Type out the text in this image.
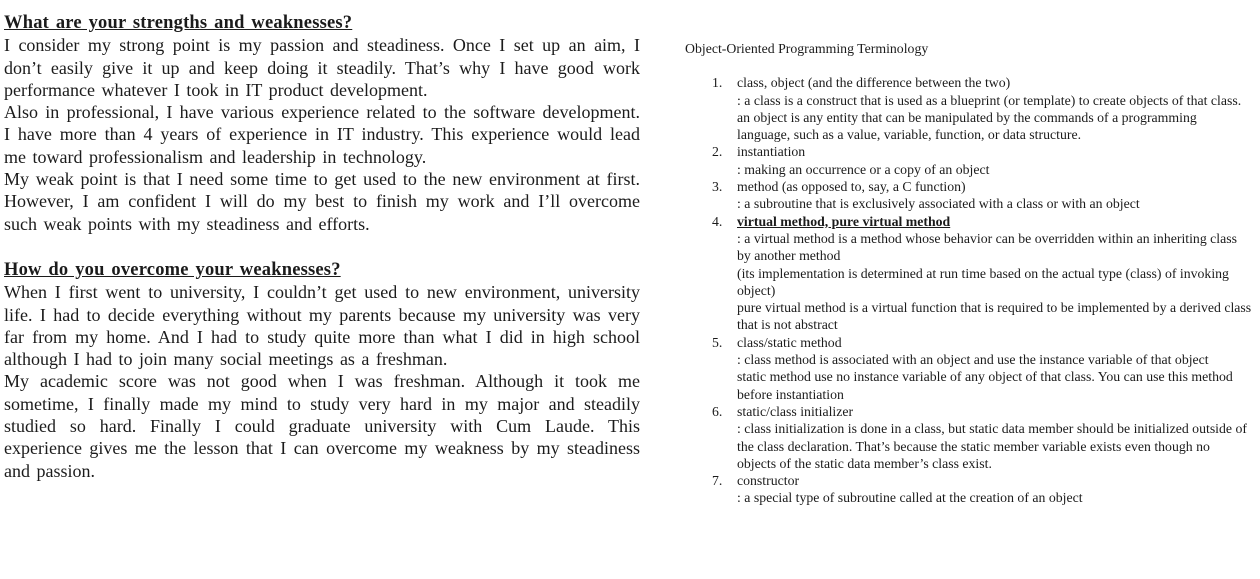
What are your strengths and weaknesses?
I consider my strong point is my passion and steadiness. Once I set up an aim, I don’t easily give it up and keep doing it steadily. That’s why I have good work performance whatever I took in IT product development.
Also in professional, I have various experience related to the software development. I have more than 4 years of experience in IT industry. This experience would lead me toward professionalism and leadership in technology.
My weak point is that I need some time to get used to the new environment at first. However, I am confident I will do my best to finish my work and I’ll overcome such weak points with my steadiness and efforts.
How do you overcome your weaknesses?
When I first went to university, I couldn’t get used to new environment, university life. I had to decide everything without my parents because my university was very far from my home. And I had to study quite more than what I did in high school although I had to join many social meetings as a freshman.
My academic score was not good when I was freshman. Although it took me sometime, I finally made my mind to study very hard in my major and steadily studied so hard. Finally I could graduate university with Cum Laude. This experience gives me the lesson that I can overcome my weakness by my steadiness and passion.
Object-Oriented Programming Terminology
1.	class, object (and the difference between the two)
: a class is a construct that is used as a blueprint (or template) to create objects of that class.
an object is any entity that can be manipulated by the commands of a programming language, such as a value, variable, function, or data structure.
2.	instantiation
: making an occurrence or a copy of an object
3.	method (as opposed to, say, a C function)
: a subroutine that is exclusively associated with a class or with an object
4.	virtual method, pure virtual method
: a virtual method is a method whose behavior can be overridden within an inheriting class by another method
(its implementation is determined at run time based on the actual type (class) of invoking object)
pure virtual method is a virtual function that is required to be implemented by a derived class that is not abstract
5.	class/static method
: class method is associated with an object and use the instance variable of that object
static method use no instance variable of any object of that class. You can use this method before instantiation
6.	static/class initializer
: class initialization is done in a class, but static data member should be initialized outside of the class declaration. That’s because the static member variable exists even though no objects of the static data member’s class exist.
7.	constructor
: a special type of subroutine called at the creation of an object
